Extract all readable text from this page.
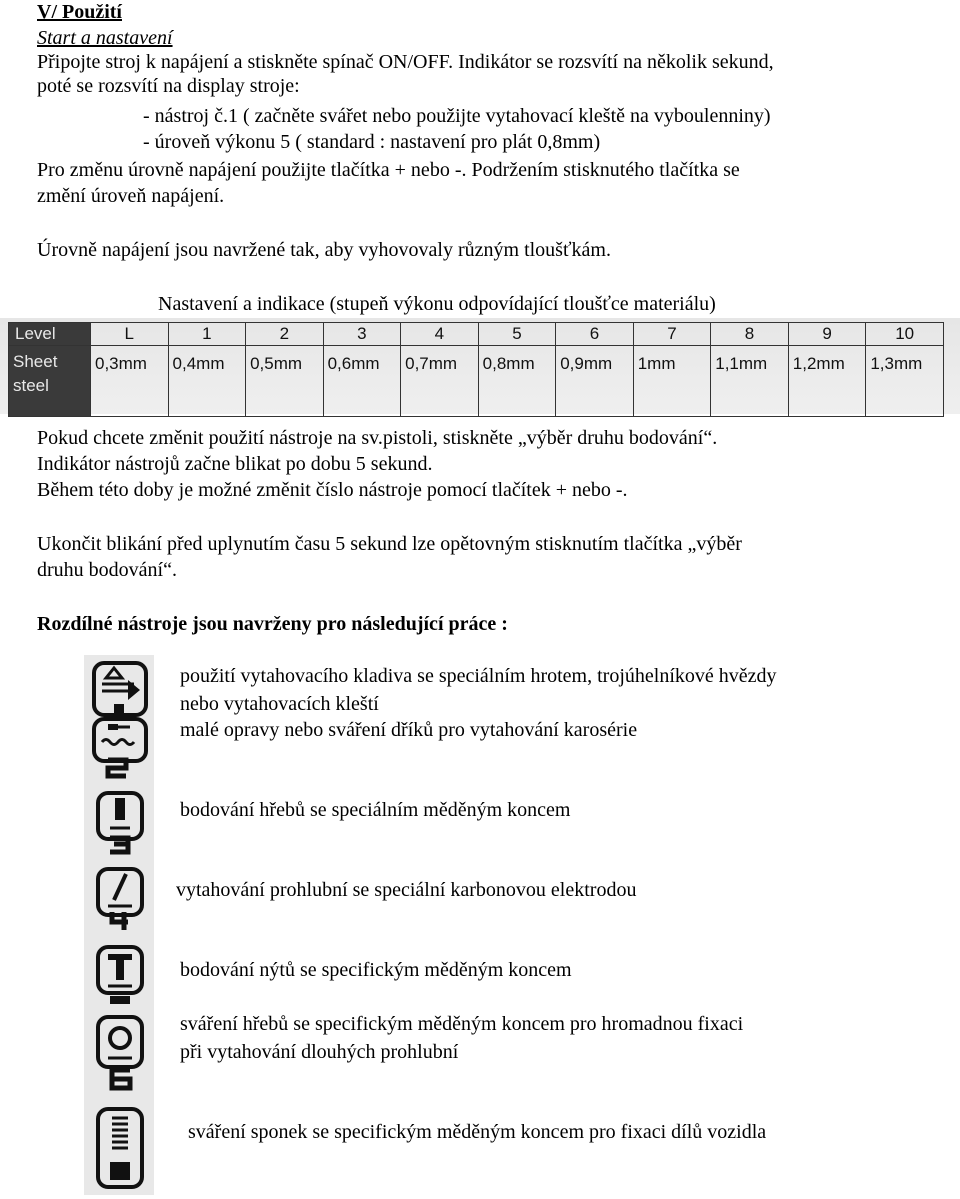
V/ Použití
Start a nastavení
Připojte stroj k napájení a stiskněte spínač ON/OFF. Indikátor se rozsvítí na několik sekund,
poté se rozsvítí na display stroje:
- nástroj č.1 ( začněte svářet nebo použijte vytahovací kleště na vyboulenniny)
- úroveň výkonu 5 ( standard : nastavení pro plát 0,8mm)
Pro změnu úrovně napájení použijte tlačítka + nebo -. Podržením stisknutého tlačítka se
změní úroveň napájení.
Úrovně napájení jsou navržené tak, aby vyhovovaly různým tloušťkám.
Nastavení a indikace (stupeň výkonu odpovídající tloušťce materiálu)
Level	L	1	2	3	4	5	6	7	8	9	10
Sheet
steel	0,3mm	0,4mm	0,5mm	0,6mm	0,7mm	0,8mm	0,9mm	1mm	1,1mm	1,2mm	1,3mm
Pokud chcete změnit použití nástroje na sv.pistoli, stiskněte „výběr druhu bodování“.
Indikátor nástrojů začne blikat po dobu 5 sekund.
Během této doby je možné změnit číslo nástroje pomocí tlačítek + nebo -.
Ukončit blikání před uplynutím času 5 sekund lze opětovným stisknutím tlačítka „výběr
druhu bodování“.
Rozdílné nástroje jsou navrženy pro následující práce :
použití vytahovacího kladiva se speciálním hrotem, trojúhelníkové hvězdy
nebo vytahovacích kleští
malé opravy nebo sváření dříků pro vytahování karosérie
bodování hřebů se speciálním měděným koncem
vytahování prohlubní se speciální karbonovou elektrodou
bodování nýtů se specifickým měděným koncem
sváření hřebů se specifickým měděným koncem pro hromadnou fixaci
při vytahování dlouhých prohlubní
sváření sponek se specifickým měděným koncem pro fixaci dílů vozidla
